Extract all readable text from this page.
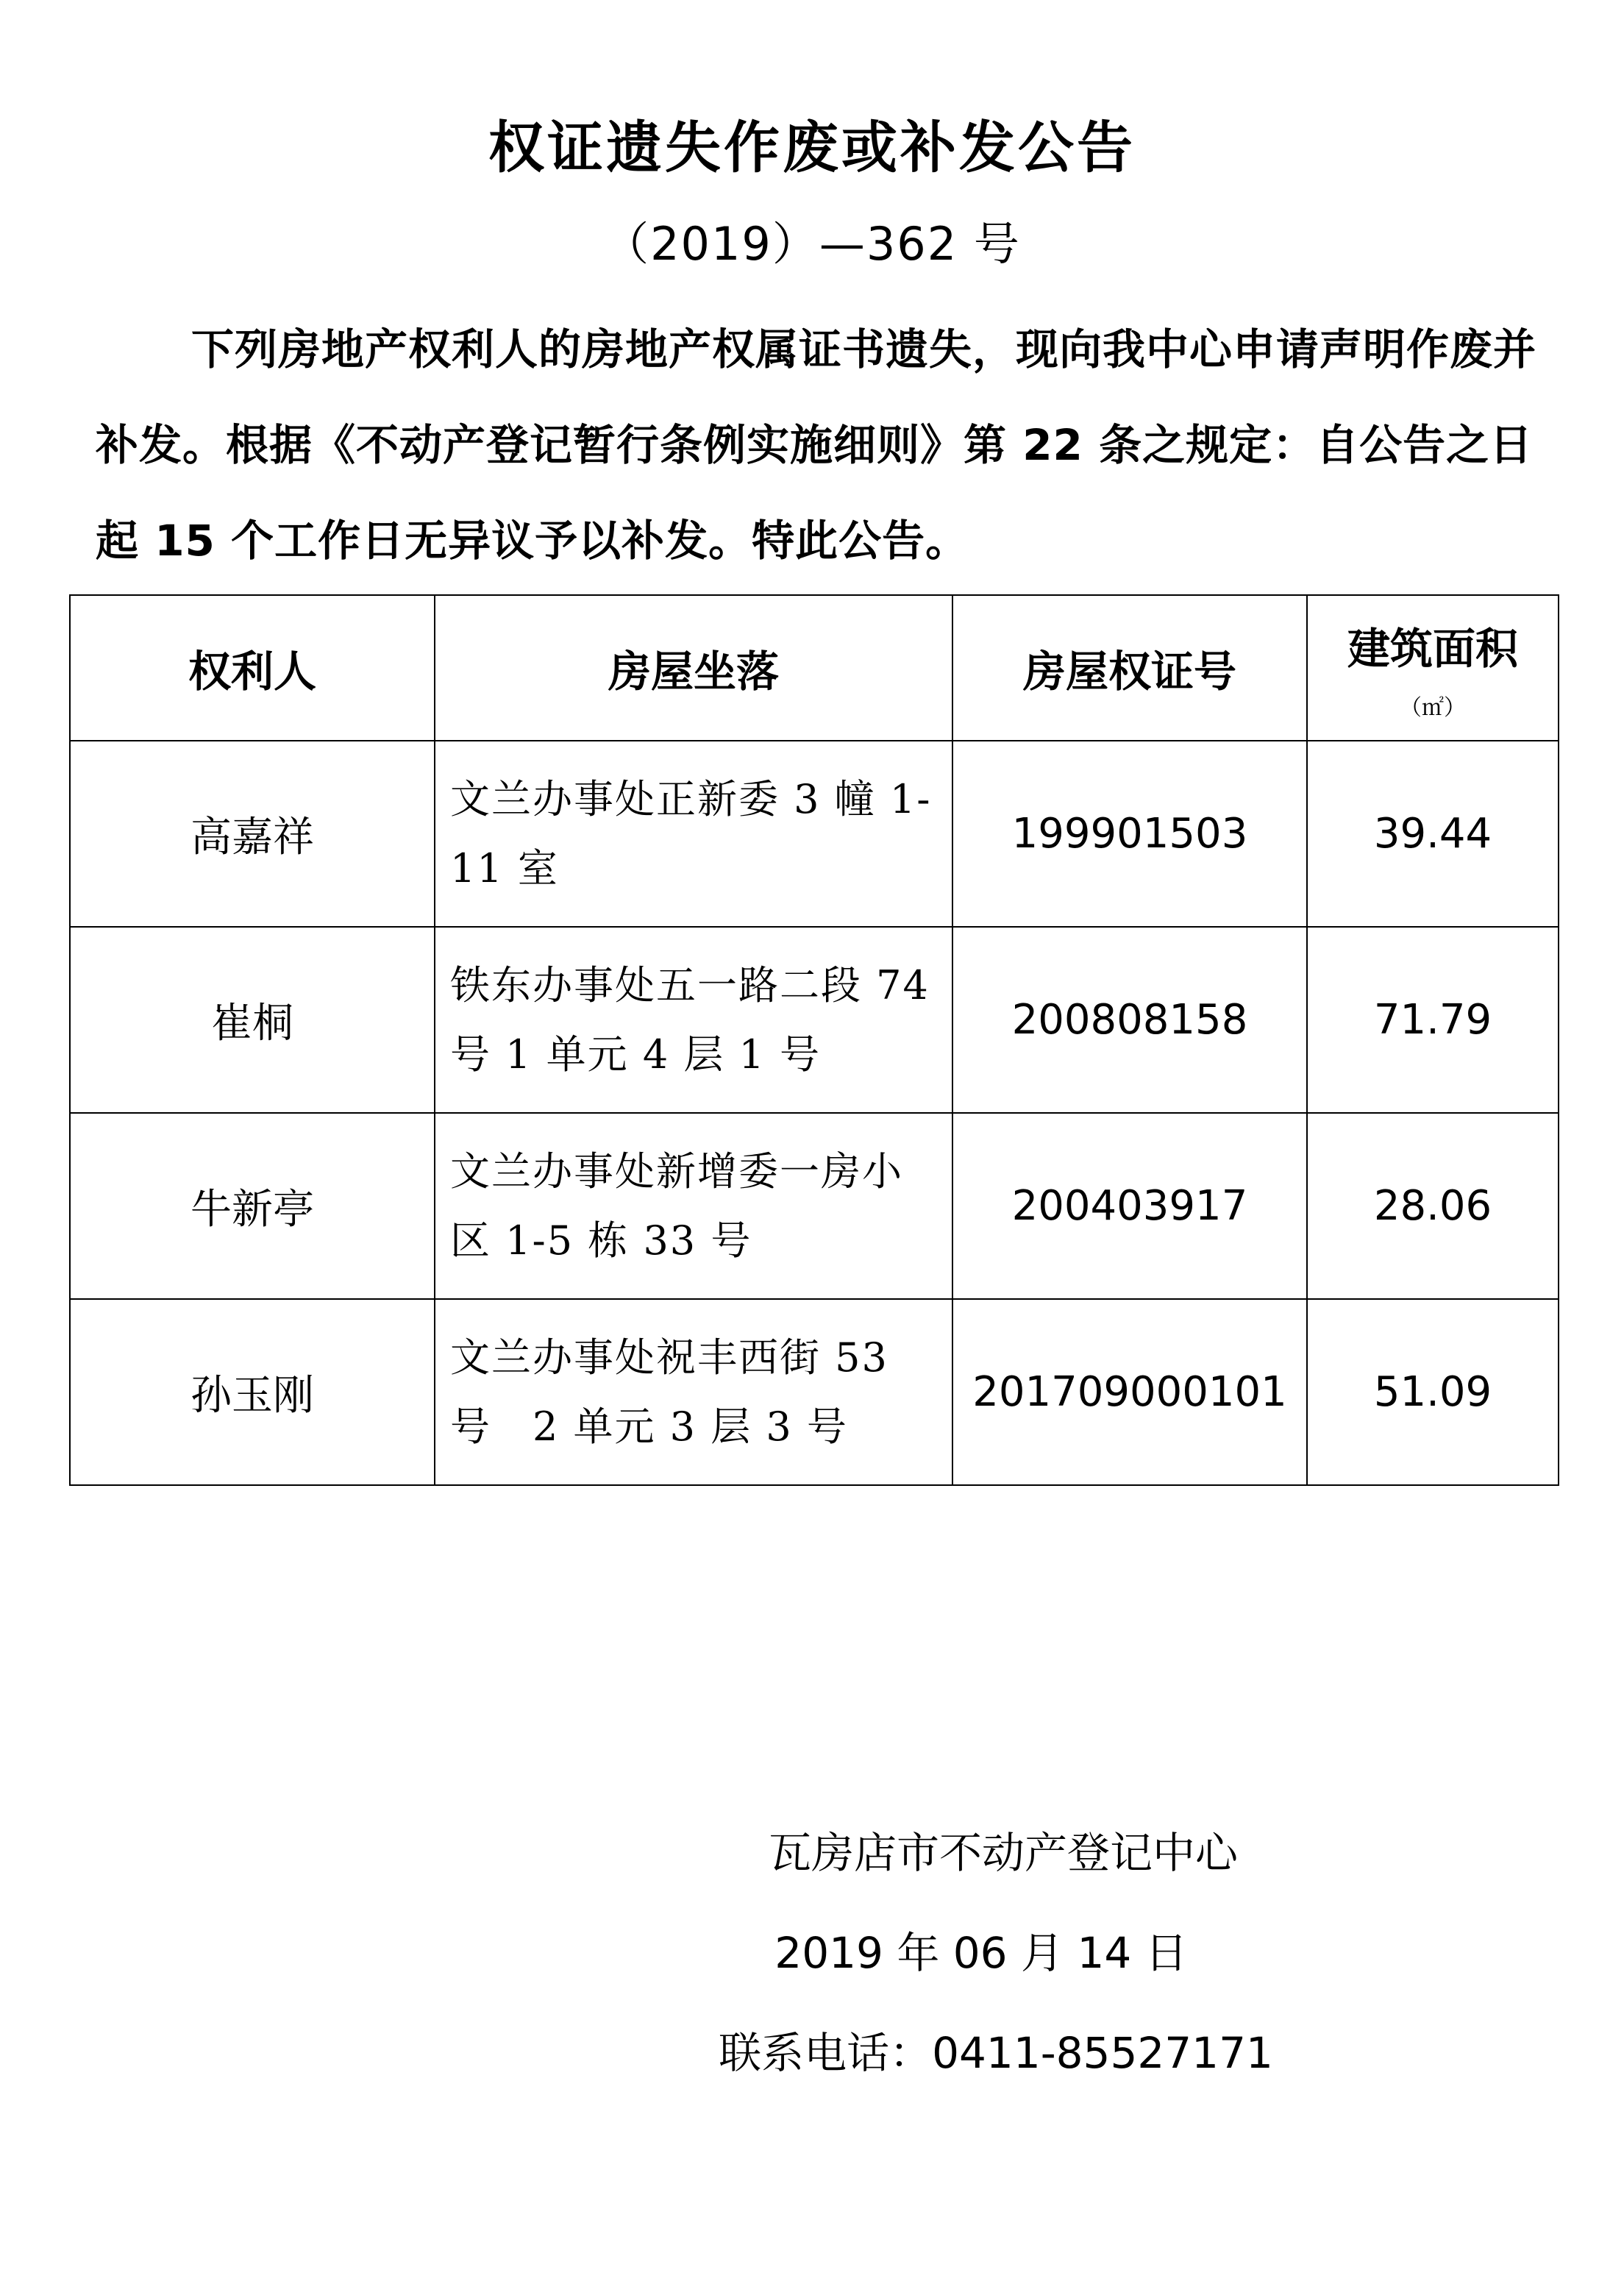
权证遗失作废或补发公告
（2019）—362 号
下列房地产权利人的房地产权属证书遗失，现向我中心申请声明作废并补发。根据《不动产登记暂行条例实施细则》第 22 条之规定：自公告之日起 15 个工作日无异议予以补发。特此公告。
权利人	房屋坐落	房屋权证号	建筑面积
（㎡）

高嘉祥	文兰办事处正新委 3 幢 1-11 室	199901503	39.44
崔桐	铁东办事处五一路二段 74 号 1 单元 4 层 1 号	200808158	71.79
牛新亭	文兰办事处新增委一房小区 1-5 栋 33 号	200403917	28.06
孙玉刚	文兰办事处祝丰西街 53 号　2 单元 3 层 3 号	201709000101	51.09
瓦房店市不动产登记中心
2019 年 06 月 14 日
联系电话：0411-85527171
